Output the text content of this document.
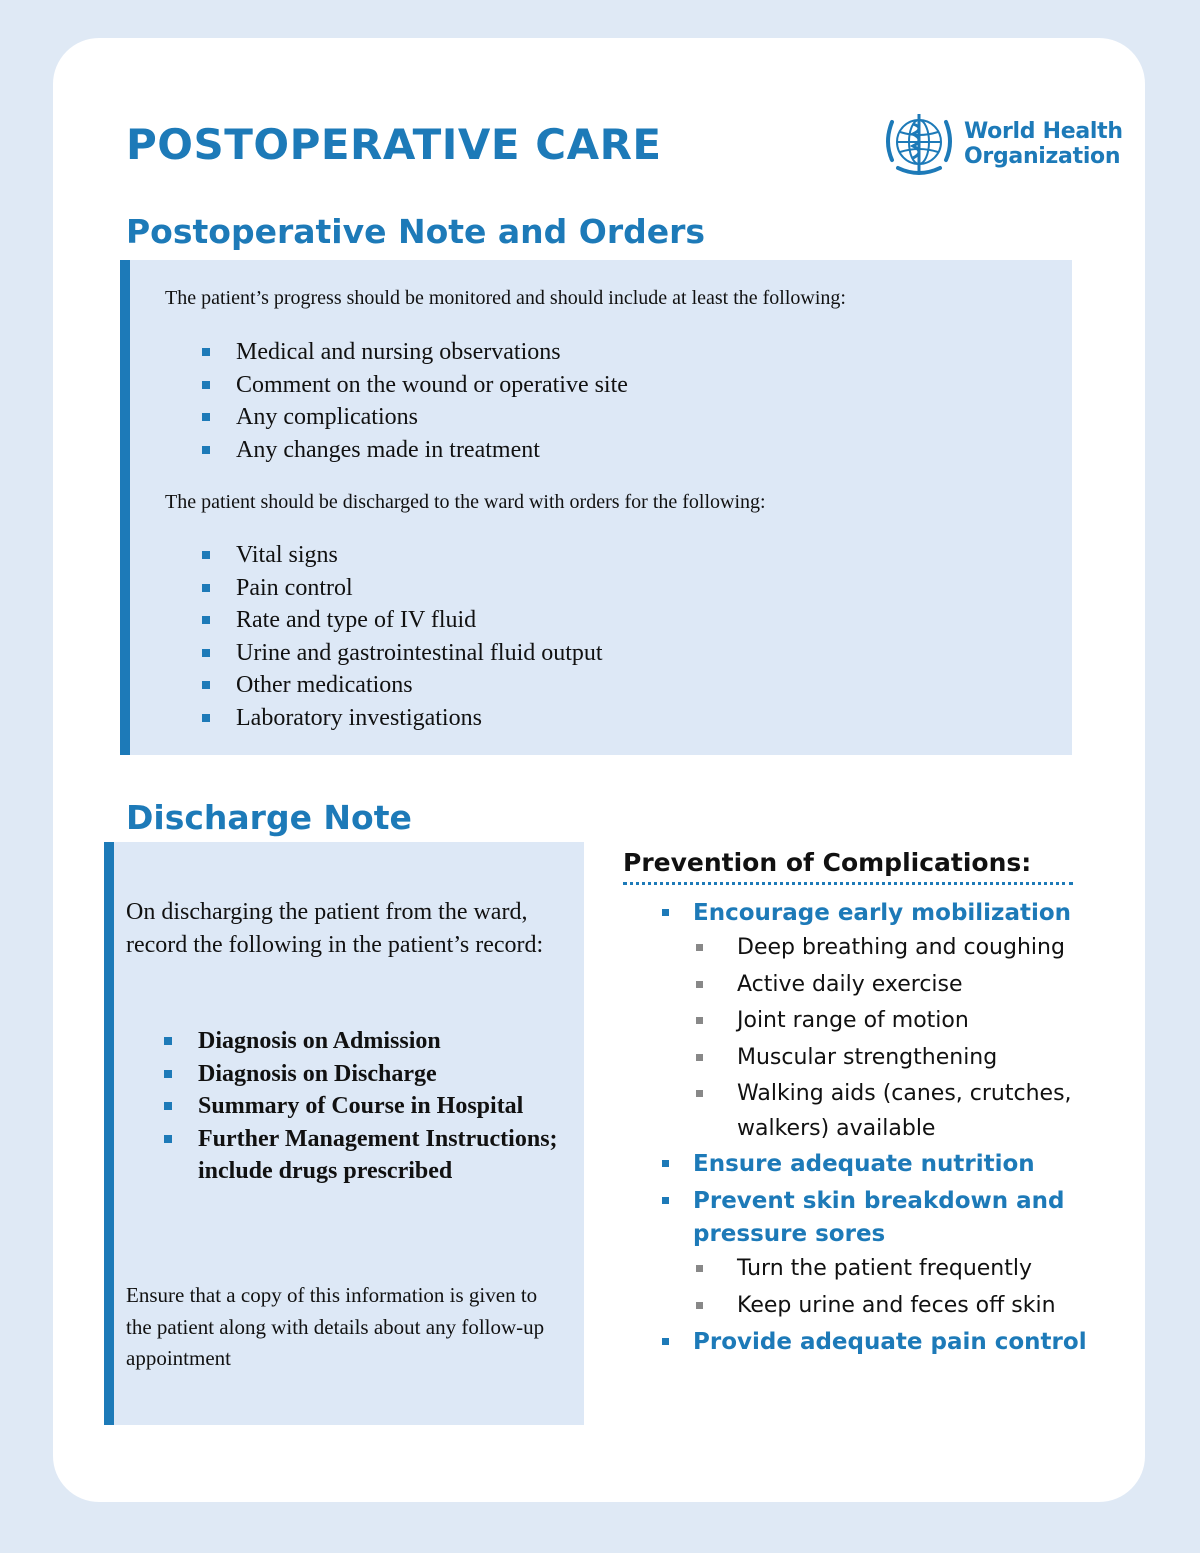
POSTOPERATIVE CARE	World Health
Organization
Postoperative Note and Orders

The patient’s progress should be monitored and should include at least the following:

Medical and nursing observations
Comment on the wound or operative site
Any complications
Any changes made in treatment

The patient should be discharged to the ward with orders for the following:

Vital signs
Pain control
Rate and type of IV fluid
Urine and gastrointestinal fluid output
Other medications
Laboratory investigations
Discharge Note

On discharging the patient from the ward, record the following in the patient’s record:

Diagnosis on Admission
Diagnosis on Discharge
Summary of Course in Hospital
Further Management Instructions; include drugs prescribed

Ensure that a copy of this information is given to the patient along with details about any follow-up appointment

Prevention of Complications:
Encourage early mobilization
Deep breathing and coughing
Active daily exercise
Joint range of motion
Muscular strengthening
Walking aids (canes, crutches, walkers) available
Ensure adequate nutrition
Prevent skin breakdown and pressure sores
Turn the patient frequently
Keep urine and feces off skin
Provide adequate pain control
